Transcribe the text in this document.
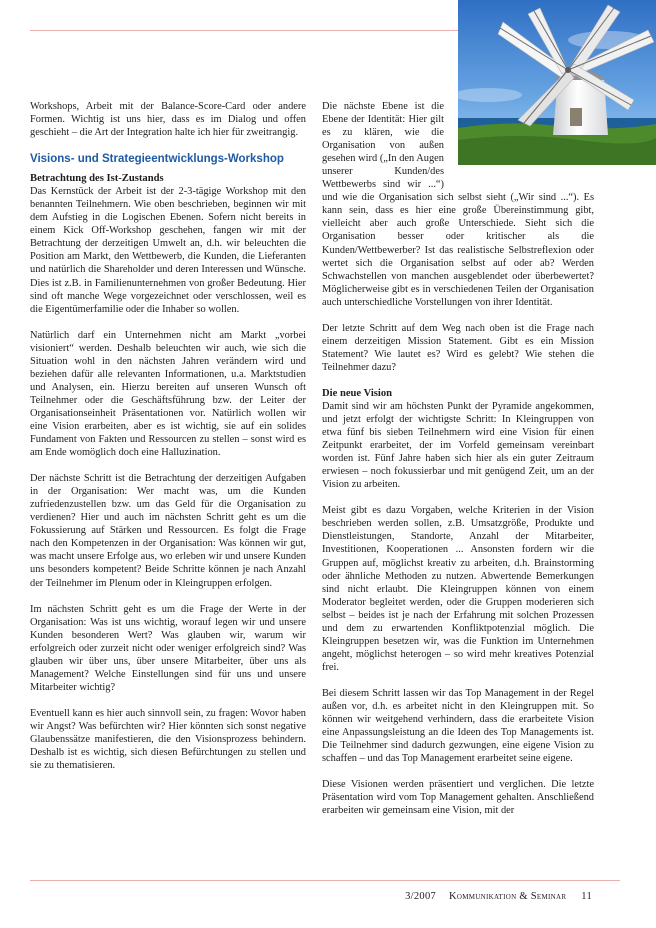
Workshops, Arbeit mit der Balance-Score-Card oder andere Formen. Wichtig ist uns hier, dass es im Dialog und offen geschieht – die Art der Integration halte ich hier für zweitrangig.

Visions- und Strategieentwicklungs-Workshop
Betrachtung des Ist-Zustands

Das Kernstück der Arbeit ist der 2-3-tägige Workshop mit den benannten Teilnehmern. Wie oben beschrieben, beginnen wir mit dem Aufstieg in die Logischen Ebenen. Sofern nicht bereits in einem Kick Off-Workshop geschehen, fangen wir mit der Betrachtung der derzeitigen Umwelt an, d.h. wir beleuchten die Position am Markt, den Wettbewerb, die Kunden, die Lieferanten und natürlich die Shareholder und deren Interessen und Wünsche. Dies ist z.B. in Familienunternehmen von großer Bedeutung. Hier sind oft manche Wege vorgezeichnet oder verschlossen, weil es die Eigentümerfamilie oder die Inhaber so wollen.

Natürlich darf ein Unternehmen nicht am Markt „vorbei visioniert“ werden. Deshalb beleuchten wir auch, wie sich die Situation wohl in den nächsten Jahren verändern wird und beziehen dafür alle relevanten Informationen, u.a. Marktstudien und Analysen, ein. Hierzu bereiten auf unseren Wunsch oft Teilnehmer oder die Geschäftsführung bzw. der Leiter der Organisationseinheit Präsentationen vor. Natürlich wollen wir eine Vision erarbeiten, aber es ist wichtig, sie auf ein solides Fundament von Fakten und Ressourcen zu stellen – sonst wird es am Ende womöglich doch eine Halluzination.

Der nächste Schritt ist die Betrachtung der derzeitigen Aufgaben in der Organisation: Wer macht was, um die Kunden zufriedenzustellen bzw. um das Geld für die Organisation zu verdienen? Hier und auch im nächsten Schritt geht es um die Fokussierung auf Stärken und Ressourcen. Es folgt die Frage nach den Kompetenzen in der Organisation: Was können wir gut, was macht unsere Erfolge aus, wo erleben wir und unsere Kunden uns besonders kompetent? Beide Schritte können je nach Anzahl der Teilnehmer im Plenum oder in Kleingruppen erfolgen.

Im nächsten Schritt geht es um die Frage der Werte in der Organisation: Was ist uns wichtig, worauf legen wir und unsere Kunden besonderen Wert? Was glauben wir, warum wir erfolgreich oder zurzeit nicht oder weniger erfolgreich sind? Was glauben wir über uns, über unsere Mitarbeiter, über uns als Management? Welche Einstellungen sind für uns und unsere Mitarbeiter wichtig?

Eventuell kann es hier auch sinnvoll sein, zu fragen: Wovor haben wir Angst? Was befürchten wir? Hier könnten sich sonst negative Glaubenssätze manifestieren, die den Visionsprozess behindern. Deshalb ist es wichtig, sich diesen Befürchtungen zu stellen und sie zu thematisieren.

Die nächste Ebene ist die Ebene der Identität: Hier gilt es zu klären, wie die Organisation von außen gesehen wird („In den Augen unserer Kunden/des Wettbewerbs sind wir ...“) und wie die Organisation sich selbst sieht („Wir sind ...“). Es kann sein, dass es hier eine große Übereinstimmung gibt, vielleicht aber auch große Unterschiede. Sieht sich die Organisation besser oder kritischer als die Kunden/Wettbewerber? Ist das realistische Selbstreflexion oder wertet sich die Organisation selbst auf oder ab? Werden Schwachstellen von manchen ausgeblendet oder überbewertet? Möglicherweise gibt es in verschiedenen Teilen der Organisation auch unterschiedliche Vorstellungen von ihrer Identität.

Der letzte Schritt auf dem Weg nach oben ist die Frage nach einem derzeitigen Mission Statement. Gibt es ein Mission Statement? Wie lautet es? Wird es gelebt? Wie stehen die Teilnehmer dazu?

Die neue Vision

Damit sind wir am höchsten Punkt der Pyramide angekommen, und jetzt erfolgt der wichtigste Schritt: In Kleingruppen von etwa fünf bis sieben Teilnehmern wird eine Vision für einen Zeitpunkt erarbeitet, der im Vorfeld gemeinsam vereinbart worden ist. Fünf Jahre haben sich hier als ein guter Zeitraum erwiesen – noch fokussierbar und mit genügend Zeit, um an der Vision zu arbeiten.

Meist gibt es dazu Vorgaben, welche Kriterien in der Vision beschrieben werden sollen, z.B. Umsatzgröße, Produkte und Dienstleistungen, Standorte, Anzahl der Mitarbeiter, Investitionen, Kooperationen ... Ansonsten fordern wir die Gruppen auf, möglichst kreativ zu arbeiten, d.h. Brainstorming oder ähnliche Methoden zu nutzen. Abwertende Bemerkungen sind nicht erlaubt. Die Kleingruppen können von einem Moderator begleitet werden, oder die Gruppen moderieren sich selbst – beides ist je nach der Erfahrung mit solchen Prozessen und dem zu erwartenden Konfliktpotenzial möglich. Die Kleingruppen besetzen wir, was die Funktion im Unternehmen angeht, möglichst heterogen – so wird mehr kreatives Potenzial frei.

Bei diesem Schritt lassen wir das Top Management in der Regel außen vor, d.h. es arbeitet nicht in den Kleingruppen mit. So können wir weitgehend verhindern, dass die erarbeitete Vision eine Anpassungsleistung an die Ideen des Top Managements ist. Die Teilnehmer sind dadurch gezwungen, eine eigene Vision zu schaffen – und das Top Management erarbeitet seine eigene.

Diese Visionen werden präsentiert und verglichen. Die letzte Präsentation wird vom Top Management gehalten. Anschließend erarbeiten wir gemeinsam eine Vision, mit der

3/2007 Kommunikation & Seminar 11
